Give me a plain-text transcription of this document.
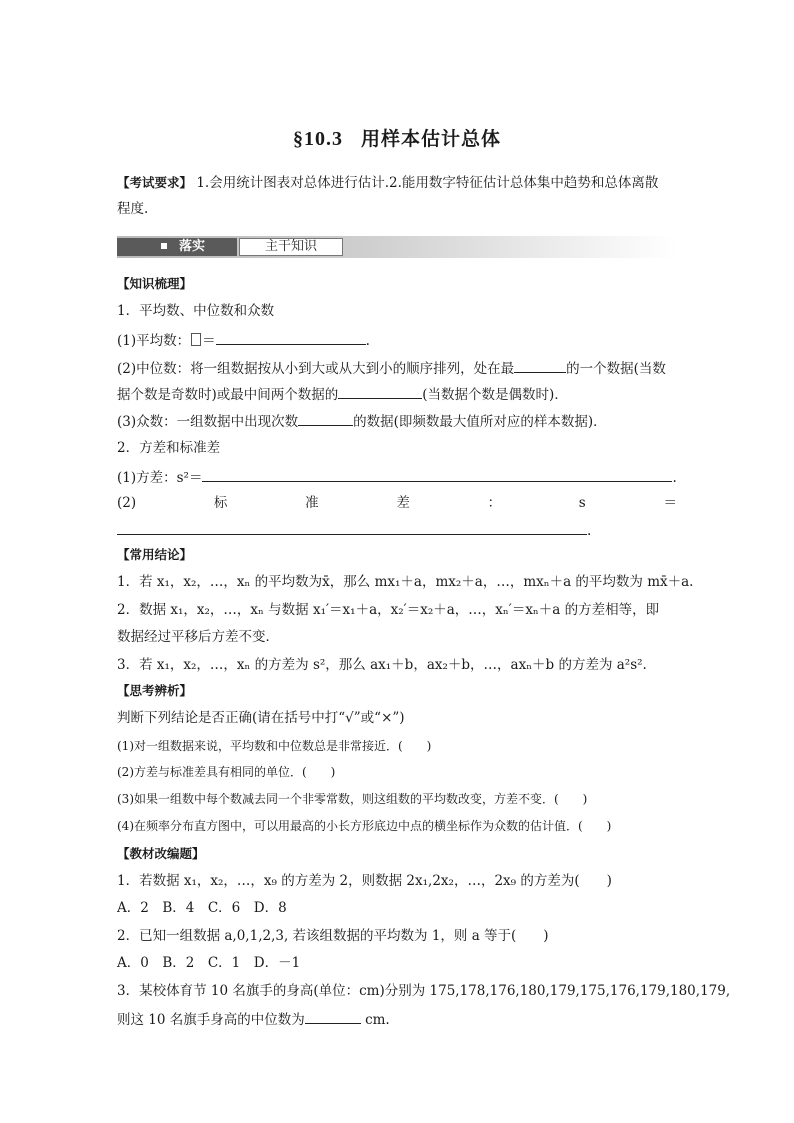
§10.3 用样本估计总体
【考试要求】 1.会用统计图表对总体进行估计.2.能用数字特征估计总体集中趋势和总体离散
程度.
落实	主干知识
【知识梳理】
1．平均数、中位数和众数
(1)平均数： ＝	.
(2)中位数：将一组数据按从小到大或从大到小的顺序排列，处在最	的一个数据(当数
据个数是奇数时)或最中间两个数据的	(当数据个数是偶数时)．
(3)众数：一组数据中出现次数	的数据(即频数最大值所对应的样本数据)．
2．方差和标准差
(1)方差：s²＝	.
(2)	标	准	差	：	s	＝
.
【常用结论】
1．若 x₁，x₂，…，xₙ 的平均数为x̄，那么 mx₁＋a，mx₂＋a，…，mxₙ＋a 的平均数为 mx̄＋a.
2．数据 x₁，x₂，…，xₙ 与数据 x₁′＝x₁＋a，x₂′＝x₂＋a，…，xₙ′＝xₙ＋a 的方差相等，即
数据经过平移后方差不变．
3．若 x₁，x₂，…，xₙ 的方差为 s²，那么 ax₁＋b，ax₂＋b，…，axₙ＋b 的方差为 a²s².
【思考辨析】
判断下列结论是否正确(请在括号中打“√”或“×”)
(1)对一组数据来说，平均数和中位数总是非常接近．(　　)
(2)方差与标准差具有相同的单位．(　　)
(3)如果一组数中每个数减去同一个非零常数，则这组数的平均数改变，方差不变．(　　)
(4)在频率分布直方图中，可以用最高的小长方形底边中点的横坐标作为众数的估计值．(　　)
【教材改编题】
1．若数据 x₁，x₂，…，x₉ 的方差为 2，则数据 2x₁,2x₂，…，2x₉ 的方差为(　　)
A．2　B．4　C．6　D．8
2．已知一组数据 a,0,1,2,3, 若该组数据的平均数为 1，则 a 等于(　　)
A．0　B．2　C．1　D．－1
3．某校体育节 10 名旗手的身高(单位：cm)分别为 175,178,176,180,179,175,176,179,180,179,
则这 10 名旗手身高的中位数为	cm.
